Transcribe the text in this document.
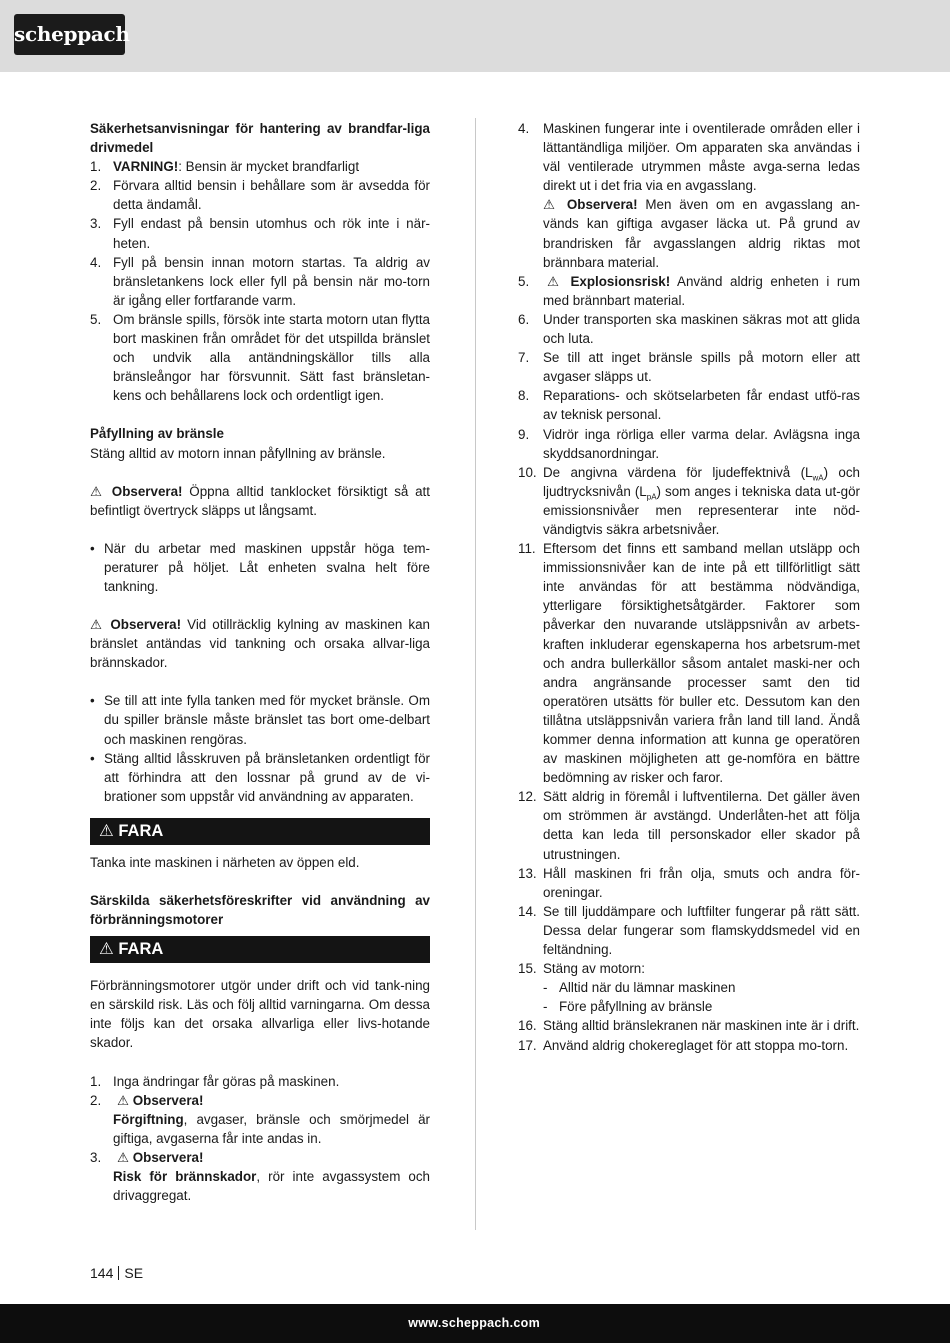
scheppach

Säkerhetsanvisningar för hantering av brandfar-liga drivmedel

1. VARNING!: Bensin är mycket brandfarligt
2. Förvara alltid bensin i behållare som är avsedda för detta ändamål.
3. Fyll endast på bensin utomhus och rök inte i när-heten.
4. Fyll på bensin innan motorn startas. Ta aldrig av bränsletankens lock eller fyll på bensin när mo-torn är igång eller fortfarande varm.
5. Om bränsle spills, försök inte starta motorn utan flytta bort maskinen från området för det utspillda bränslet och undvik alla antändningskällor tills alla bränsleångor har försvunnit. Sätt fast bränsletan-kens och behållarens lock och ordentligt igen.

Påfyllning av bränsle

Stäng alltid av motorn innan påfyllning av bränsle.

⚠ Observera! Öppna alltid tanklocket försiktigt så att befintligt övertryck släpps ut långsamt.

• När du arbetar med maskinen uppstår höga tem-peraturer på höljet. Låt enheten svalna helt före tankning.

⚠ Observera! Vid otillräcklig kylning av maskinen kan bränslet antändas vid tankning och orsaka allvar-liga brännskador.

• Se till att inte fylla tanken med för mycket bränsle. Om du spiller bränsle måste bränslet tas bort ome-delbart och maskinen rengöras.
• Stäng alltid låsskruven på bränsletanken ordentligt för att förhindra att den lossnar på grund av de vi-brationer som uppstår vid användning av apparaten.
⚠ FARA

Tanka inte maskinen i närheten av öppen eld.

Särskilda säkerhetsföreskrifter vid användning av förbränningsmotorer

⚠ FARA

Förbränningsmotorer utgör under drift och vid tank-ning en särskild risk. Läs och följ alltid varningarna. Om dessa inte följs kan det orsaka allvarliga eller livs-hotande skador.

1. Inga ändringar får göras på maskinen.
2.	⚠ Observera!
Förgiftning, avgaser, bränsle och smörjmedel är giftiga, avgaserna får inte andas in.
3.	⚠ Observera!
Risk för brännskador, rör inte avgassystem och drivaggregat.
4.	Maskinen fungerar inte i oventilerade områden eller i lättantändliga miljöer. Om apparaten ska användas i väl ventilerade utrymmen måste avga-serna ledas direkt ut i det fria via en avgasslang.
⚠ Observera! Men även om en avgasslang an-vänds kan giftiga avgaser läcka ut. På grund av brandrisken får avgasslangen aldrig riktas mot brännbara material.
5.	⚠ Explosionsrisk! Använd aldrig enheten i rum med brännbart material.
6.	Under transporten ska maskinen säkras mot att glida och luta.
7.	Se till att inget bränsle spills på motorn eller att avgaser släpps ut.
8.	Reparations- och skötselarbeten får endast utfö-ras av teknisk personal.
9.	Vidrör inga rörliga eller varma delar. Avlägsna inga skyddsanordningar.
10. De angivna värdena för ljudeffektnivå $(L_{wA})$ och ljudtrycksnivån $(L_{pA})$ som anges i tekniska data ut-gör emissionsnivåer men representerar inte nöd-vändigtvis säkra arbetsnivåer.
11. Eftersom det finns ett samband mellan utsläpp och immissionsnivåer kan de inte på ett tillförlitligt sätt inte användas för att bestämma nödvändiga, ytterligare försiktighetsåtgärder. Faktorer som påverkar den nuvarande utsläppsnivån av arbets-kraften inkluderar egenskaperna hos arbetsrum-met och andra bullerkällor såsom antalet maski-ner och andra angränsande processer samt den tid operatören utsätts för buller etc. Dessutom kan den tillåtna utsläppsnivån variera från land till land. Ändå kommer denna information att kunna ge operatören av maskinen möjligheten att ge-nomföra en bättre bedömning av risker och faror.
12. Sätt aldrig in föremål i luftventilerna. Det gäller även om strömmen är avstängd. Underlåten-het att följa detta kan leda till personskador eller skador på utrustningen.
13. Håll maskinen fri från olja, smuts och andra för-oreningar.
14. Se till ljuddämpare och luftfilter fungerar på rätt sätt. Dessa delar fungerar som flamskyddsmedel vid en feltändning.
15. Stäng av motorn:
- Alltid när du lämnar maskinen
- Före påfyllning av bränsle
16. Stäng alltid bränslekranen när maskinen inte är i drift.
17. Använd aldrig chokereglaget för att stoppa mo-torn.
144 SE
www.scheppach.com
